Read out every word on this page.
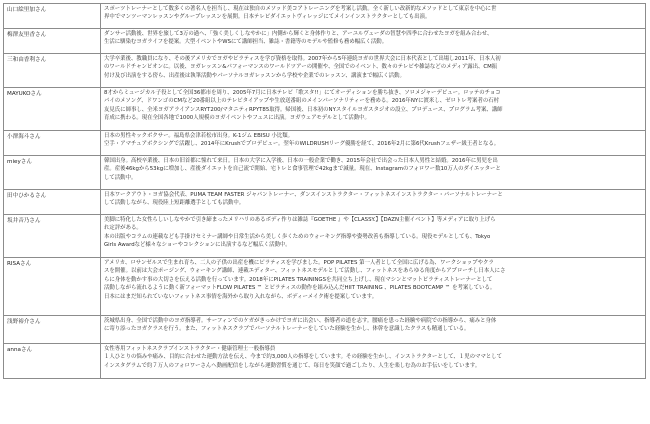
山口絵里加さん	スポーツトレーナーとして数多くの著名人を担当し、現在は独自のメソッド美コアトレーニングを考案し活動。全く新しい改新的なメソッドとして東京を中心に世
界中でマンツーマンレッスンやグループレッスンを展開。日本テレビダイエットヴィレッジにてメインインストラクターとしても出演。
梅澤友里香さん	ダンサー活動後、世界を旅して3万の過へ、「強く美しくしなやかに」内側から輝くと身体作りと、アーユルヴェーダの智慧や四季に合わせたヨガを組み合わせ、
生活に馴染むヨガライフを提案。大型イベントやWSにて講師担当、雑誌・書籍等のモデルや監修も務め幅広く活動。
三和由香利さん	大学卒業後、教職員になり、その後アメリカでヨガやピラティスを学び資格を取得。2007年から5年連続ヨガの世界大会に日本代表として出場し2011年、日本人初
のワールドチャンピオンに。以後、ヨガレッスン&パフォーマンスのワールドツアーの開催や、全国でのイベント、数々のテレビや雑誌などのメディア露出、CM振
付け及び出演をする傍ら、出産後は執筆活動やパーソナルヨガレッスンから学校や企業でのレッスン、講演まで幅広く活動。
MAYUKOさん	8才からミュージカル子役として全国36都市を周り、2005年7月に日本テレビ「歌スタ!!」にてオーディションを勝ち抜き、ソロメジャーデビュー。ロッテのチョコ
パイのメソング、ドワンゴのCMなど20番組以上のテレビタイアップや生放送番組のメインパーソナリティーを務める。2016年NYに渡米し、ゼロトレ考案者の石村
友見氏に師事し、全米ヨガアライアンスRYT200/マタニティRPYT85取得。帰国後、日本初のNYスタイルヨガスタジオの設立、プロデュース、プログラム考案、講師
育成に携わる。現在全国各地で1000人規模のヨガイベントやフェスに出演。ヨガウェアモデルとして活動中。
小澤海斗さん	日本の男性キックボクサー。福島県会津若松市出身。K-1ジム EBISU 小比類。
空手・アマチュアボクシングで活躍し、2014年にKrushでプロデビュー。翌年のWILDRUSHリーグ優勝を経て、2016年2月に第6代Krushフェザー級王者となる。
mieyさん	韓国出身。高校卒業後、日本の旧首都に憧れて来日。日本の大学に入学後、日本の一般企業で働き、2015年会社で出会った日本人男性と結婚。2016年に男児を出
産。産後46kgから53kgに増加し、産後ダイエットを自己流で開始、宅トレと食事管理で42kgまで減量。現在、Instagramのフォロワー数10万人のダイエッターと
して活動中。
田中ひかるさん	日本ワークアウト・ヨガ協会代表、PUMA TEAM FASTER ジャパントレーナー、ダンスインストラクター・フィットネスインストラクター・パーソナルトレーナーと
して活動しながら、現役陸上短距離選手としても活動中。
坂井音乃さん	美脚に特化した女性らしいしなやかで引き締まったメリハリのあるボディ作りは雑誌『GOETHE 』や【CLASSY.】【DAZN主催イベント】等メディアに取り上げら
れ定評がある。
本の出版やコラムの連載なども手掛けセミナー講師や日常生活から美しく歩くためのウォーキング指導や姿勢改善も指導している。現役モデルとしても、Tokyo
Girls Awardなど様々なショーやコレクションに出演するなど幅広く活動中。
RISAさん	アメリカ、ロサンゼルスで生まれ育ち、二人の子供の出産を機にピラティスを学びました。POP PILATES 第一人者として全国に広げる為、ワークショップやクラ
スを開催。以前は大会ポージング、ウォーキング講師、連載エディター、フィットネスモデルとして活動し、フィットネスをあらゆる角度からアプローチし日本人にさ
らに身体を動かす事の大切さを伝える活動を行っています。2018年にPILATES TRAININGSを共同立ち上げし、現在マシンとマットピラティストレーナーとして
活動しながら流れるように動く新フォーマットFLOW PILATES ™ とピラティスの動作を組み込んだHIIT TRAINING 、PILATES BOOTCAMP ™ を考案している。
日本にはまだ知られていないフィットネス事情を海外から取り入れながら、ボディーメイク術を提案しています。
浅野裕介さん	茨城県出身、全国で活動中のヨガ指導者。サーフィンでのケガがきっかけでヨガに出会い、指導者の道を志す。腰痛を患った経験や病院での指導から、痛みと身体
に寄り添ったヨガクラスを行う。また、フィットネスクラブでパーソナルトレーナーをしていた経験を生かし、体幹を意識したクラスも精通している。
annaさん	女性専用フィットネスクラブインストラクター・健康管理士一般指導員
１人ひとりの悩みや痛み、目的に合わせた運動方法を伝え、今まで約3,000人の指導をしています。その経験を生かし、インストラクターとして、１児のママとして
インスタグラムで約７万人のフォロワーさんへ動画配信をしながら運動習慣を通じて、毎日を笑顔で過ごしたり、人生を楽しむ為のお手伝いをしています。
